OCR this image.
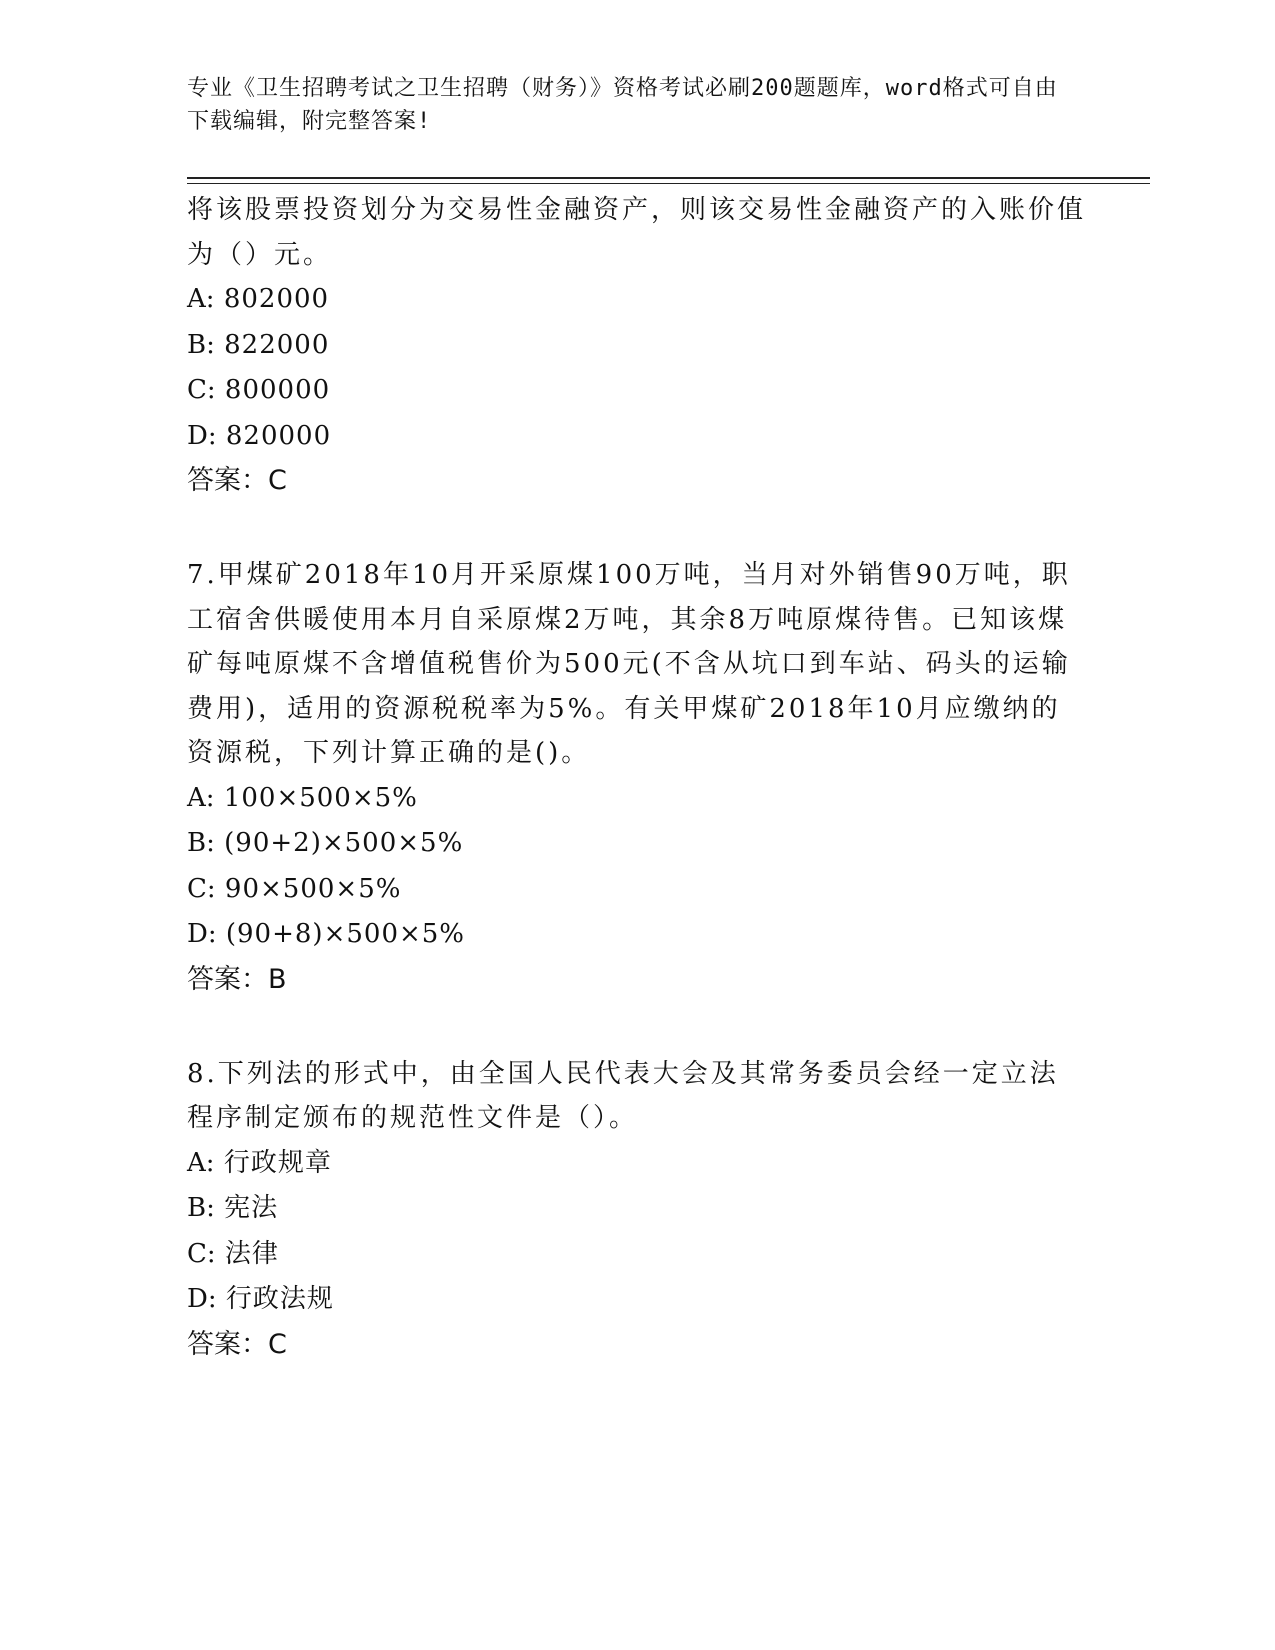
专业《卫生招聘考试之卫生招聘（财务）》资格考试必刷200题题库，word格式可自由下载编辑，附完整答案!

将该股票投资划分为交易性金融资产，则该交易性金融资产的入账价值为（）元。

A: 802000
B: 822000
C: 800000
D: 820000

答案：C

7.甲煤矿2018年10月开采原煤100万吨，当月对外销售90万吨，职工宿舍供暖使用本月自采原煤2万吨，其余8万吨原煤待售。已知该煤矿每吨原煤不含增值税售价为500元(不含从坑口到车站、码头的运输费用)，适用的资源税税率为5%。有关甲煤矿2018年10月应缴纳的资源税，下列计算正确的是()。

A: 100×500×5%
B: (90+2)×500×5%
C: 90×500×5%
D: (90+8)×500×5%

答案：B

8.下列法的形式中，由全国人民代表大会及其常务委员会经一定立法程序制定颁布的规范性文件是（）。

A: 行政规章
B: 宪法
C: 法律
D: 行政法规

答案：C
